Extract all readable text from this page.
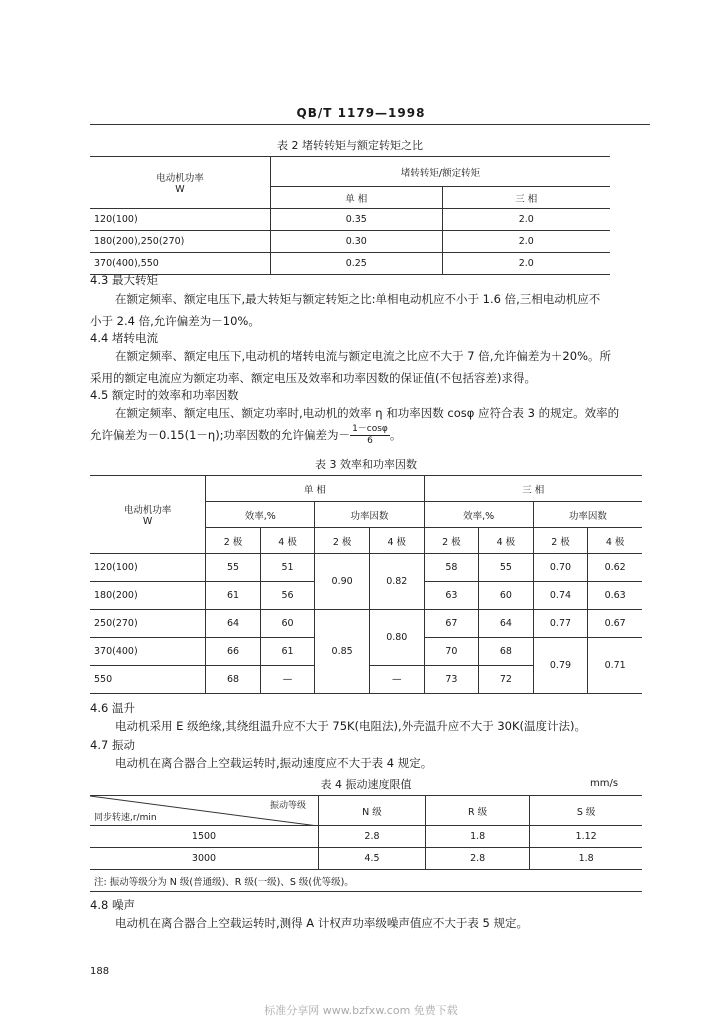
QB/T 1179—1998
表 2 堵转转矩与额定转矩之比
电动机功率
W	堵转转矩/额定转矩	
	单 相	三 相
120(100)	0.35	2.0
180(200),250(270)	0.30	2.0
370(400),550	0.25	2.0
4.3 最大转矩
在额定频率、额定电压下,最大转矩与额定转矩之比:单相电动机应不小于 1.6 倍,三相电动机应不
小于 2.4 倍,允许偏差为－10%。
4.4 堵转电流
在额定频率、额定电压下,电动机的堵转电流与额定电流之比应不大于 7 倍,允许偏差为＋20%。所
采用的额定电流应为额定功率、额定电压及效率和功率因数的保证值(不包括容差)求得。
4.5 额定时的效率和功率因数
在额定频率、额定电压、额定功率时,电动机的效率 η 和功率因数 cosφ 应符合表 3 的规定。效率的
允许偏差为－0.15(1－η);功率因数的允许偏差为－ $\frac{1-\cos\varphi}{6}$ 。
表 3 效率和功率因数
电动机功率
W	单 相				三 相			
	效率,%		功率因数		效率,%		功率因数	
	2 极	4 极	2 极	4 极	2 极	4 极	2 极	4 极
120(100)	55	51	0.90	0.82	58	55	0.70	0.62
180(200)	61	56			63	60	0.74	0.63
250(270)	64	60	0.85	0.80	67	64	0.77	0.67
370(400)	66	61			70	68	0.79	0.71
550	68	—		—	73	72		
4.6 温升
电动机采用 E 级绝缘,其绕组温升应不大于 75K(电阻法),外壳温升应不大于 30K(温度计法)。
4.7 振动
电动机在离合器合上空载运转时,振动速度应不大于表 4 规定。
表 4 振动速度限值	mm/s
振动等级
同步转速,r/min	N 级	R 级	S 级
1500	2.8	1.8	1.12
3000	4.5	2.8	1.8
注: 振动等级分为 N 级(普通级)、R 级(一级)、S 级(优等级)。			
4.8 噪声
电动机在离合器合上空载运转时,测得 A 计权声功率级噪声值应不大于表 5 规定。
188
标准分享网 www.bzfxw.com 免费下载
